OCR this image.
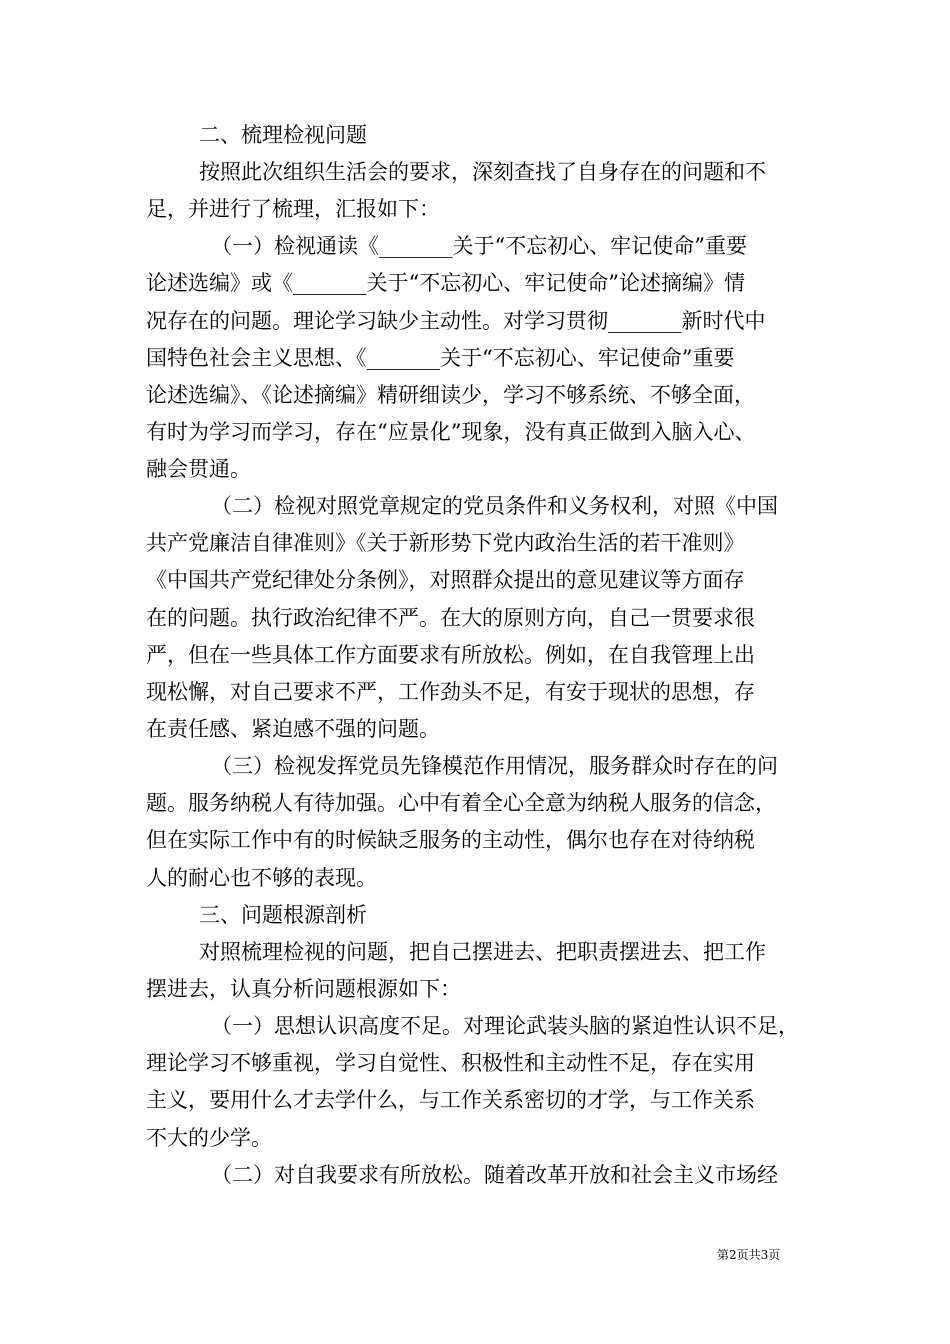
二、梳理检视问题
按照此次组织生活会的要求，深刻查找了自身存在的问题和不
足，并进行了梳理，汇报如下：
（一）检视通读《_______关于“不忘初心、牢记使命”重要
论述选编》或《_______关于“不忘初心、牢记使命”论述摘编》情
况存在的问题。理论学习缺少主动性。对学习贯彻_______新时代中
国特色社会主义思想、《_______关于“不忘初心、牢记使命”重要
论述选编》、《论述摘编》精研细读少，学习不够系统、不够全面，
有时为学习而学习，存在“应景化”现象，没有真正做到入脑入心、
融会贯通。
（二）检视对照党章规定的党员条件和义务权利，对照《中国
共产党廉洁自律准则》《关于新形势下党内政治生活的若干准则》
《中国共产党纪律处分条例》，对照群众提出的意见建议等方面存
在的问题。执行政治纪律不严。在大的原则方向，自己一贯要求很
严，但在一些具体工作方面要求有所放松。例如，在自我管理上出
现松懈，对自己要求不严，工作劲头不足，有安于现状的思想，存
在责任感、紧迫感不强的问题。
（三）检视发挥党员先锋模范作用情况，服务群众时存在的问
题。服务纳税人有待加强。心中有着全心全意为纳税人服务的信念，
但在实际工作中有的时候缺乏服务的主动性，偶尔也存在对待纳税
人的耐心也不够的表现。
三、问题根源剖析
对照梳理检视的问题，把自己摆进去、把职责摆进去、把工作
摆进去，认真分析问题根源如下：
（一）思想认识高度不足。对理论武装头脑的紧迫性认识不足，
理论学习不够重视，学习自觉性、积极性和主动性不足，存在实用
主义，要用什么才去学什么，与工作关系密切的才学，与工作关系
不大的少学。
（二）对自我要求有所放松。随着改革开放和社会主义市场经
第2页共3页
